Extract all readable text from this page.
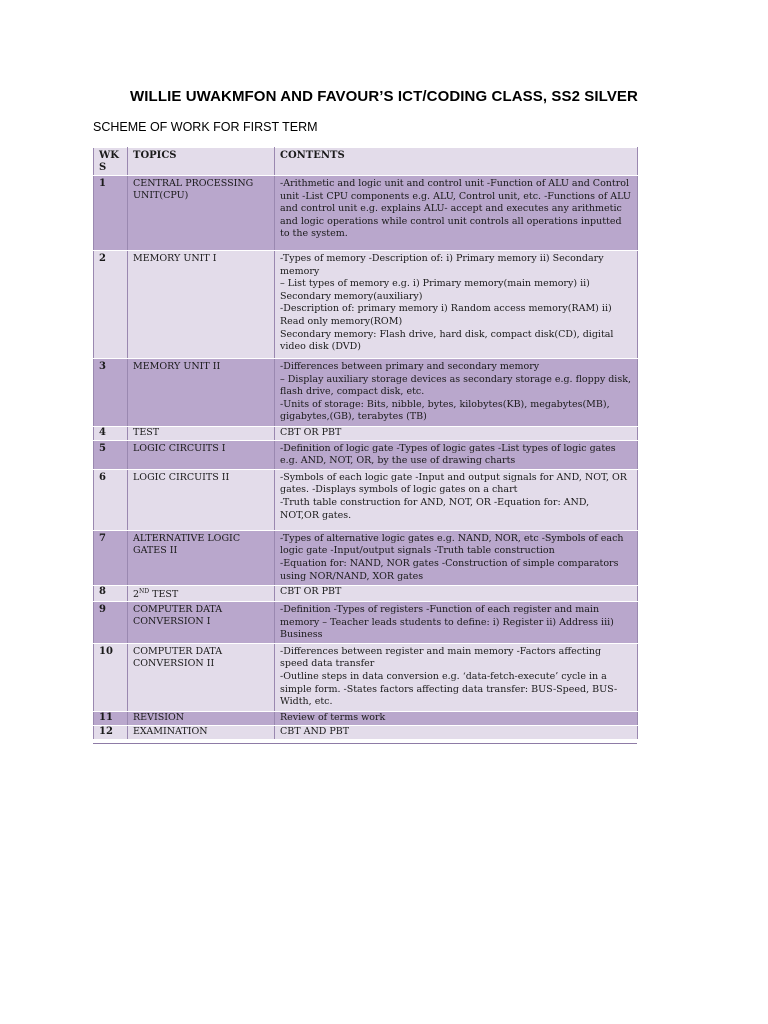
WILLIE UWAKMFON AND FAVOUR’S ICT/CODING CLASS, SS2 SILVER
SCHEME OF WORK FOR FIRST TERM
WK S	TOPICS	CONTENTS
1	CENTRAL PROCESSING UNIT(CPU)	-Arithmetic and logic unit and control unit -Function of ALU and Control unit -List CPU components e.g. ALU, Control unit, etc. -Functions of ALU and control unit e.g. explains ALU- accept and executes any arithmetic and logic operations while control unit controls all operations inputted to the system.
2	MEMORY UNIT I	-Types of memory -Description of: i) Primary memory ii) Secondary memory
– List types of memory e.g. i) Primary memory(main memory) ii) Secondary memory(auxiliary)
-Description of: primary memory i) Random access memory(RAM) ii) Read only memory(ROM)
Secondary memory: Flash drive, hard disk, compact disk(CD), digital video disk (DVD)
3	MEMORY UNIT II	-Differences between primary and secondary memory
– Display auxiliary storage devices as secondary storage e.g. floppy disk, flash drive, compact disk, etc.
-Units of storage: Bits, nibble, bytes, kilobytes(KB), megabytes(MB), gigabytes,(GB), terabytes (TB)
4	TEST	CBT OR PBT
5	LOGIC CIRCUITS I	-Definition of logic gate -Types of logic gates -List types of logic gates e.g. AND, NOT, OR, by the use of drawing charts
6	LOGIC CIRCUITS II	-Symbols of each logic gate -Input and output signals for AND, NOT, OR gates. -Displays symbols of logic gates on a chart
-Truth table construction for AND, NOT, OR -Equation for: AND, NOT,OR gates.
7	ALTERNATIVE LOGIC GATES II	-Types of alternative logic gates e.g. NAND, NOR, etc -Symbols of each logic gate -Input/output signals -Truth table construction
-Equation for: NAND, NOR gates -Construction of simple comparators using NOR/NAND, XOR gates
8	2ND TEST	CBT OR PBT
9	COMPUTER DATA CONVERSION I	-Definition -Types of registers -Function of each register and main memory – Teacher leads students to define: i) Register ii) Address iii) Business
10	COMPUTER DATA CONVERSION II	-Differences between register and main memory -Factors affecting speed data transfer
-Outline steps in data conversion e.g. ‘data-fetch-execute’ cycle in a simple form. -States factors affecting data transfer: BUS-Speed, BUS-Width, etc.
11	REVISION	Review of terms work
12	EXAMINATION	CBT AND PBT
